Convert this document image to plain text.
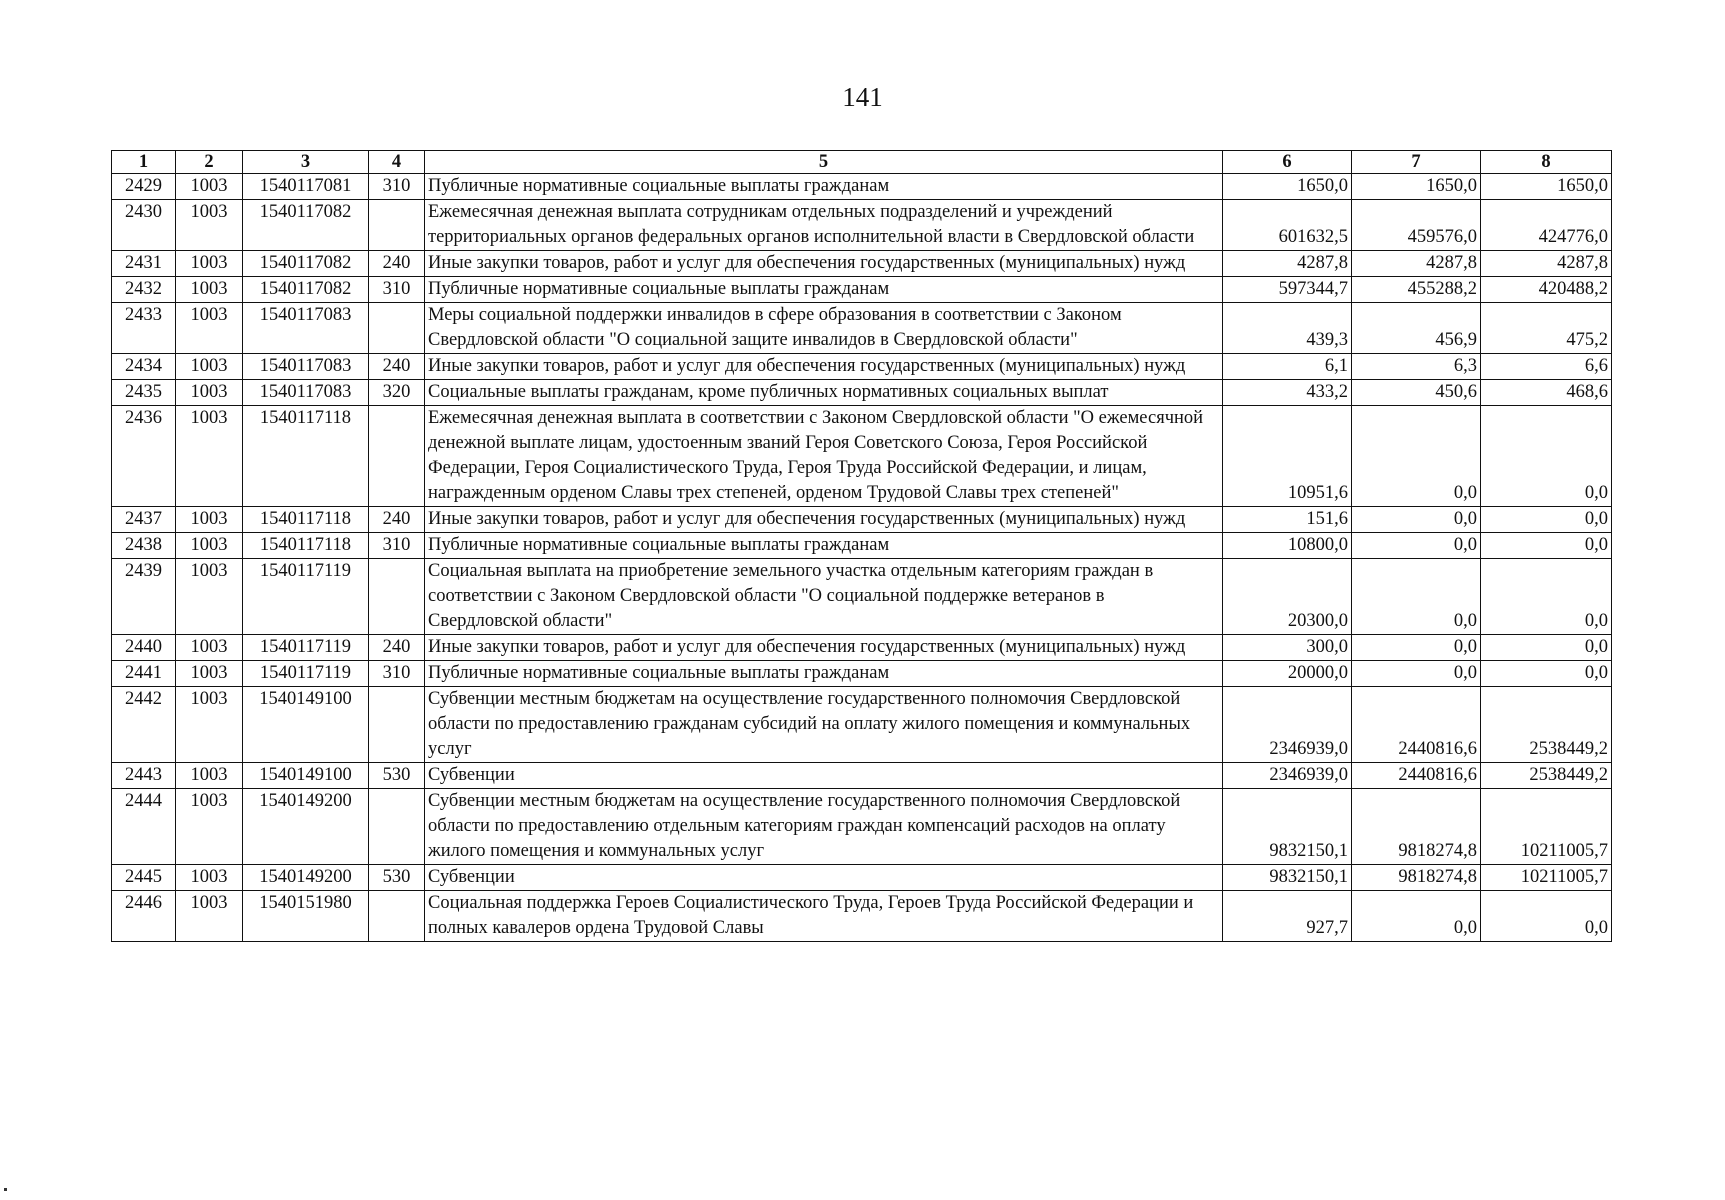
141
1	2	3	4	5	6	7	8
2429	1003	1540117081	310	Публичные нормативные социальные выплаты гражданам	1650,0	1650,0	1650,0
2430	1003	1540117082		Ежемесячная денежная выплата сотрудникам отдельных подразделений и учреждений территориальных органов федеральных органов исполнительной власти в Свердловской области	601632,5	459576,0	424776,0
2431	1003	1540117082	240	Иные закупки товаров, работ и услуг для обеспечения государственных (муниципальных) нужд	4287,8	4287,8	4287,8
2432	1003	1540117082	310	Публичные нормативные социальные выплаты гражданам	597344,7	455288,2	420488,2
2433	1003	1540117083		Меры социальной поддержки инвалидов в сфере образования в соответствии с Законом Свердловской области "О социальной защите инвалидов в Свердловской области"	439,3	456,9	475,2
2434	1003	1540117083	240	Иные закупки товаров, работ и услуг для обеспечения государственных (муниципальных) нужд	6,1	6,3	6,6
2435	1003	1540117083	320	Социальные выплаты гражданам, кроме публичных нормативных социальных выплат	433,2	450,6	468,6
2436	1003	1540117118		Ежемесячная денежная выплата в соответствии с Законом Свердловской области "О ежемесячной денежной выплате лицам, удостоенным званий Героя Советского Союза, Героя Российской Федерации, Героя Социалистического Труда, Героя Труда Российской Федерации, и лицам, награжденным орденом Славы трех степеней, орденом Трудовой Славы трех степеней"	10951,6	0,0	0,0
2437	1003	1540117118	240	Иные закупки товаров, работ и услуг для обеспечения государственных (муниципальных) нужд	151,6	0,0	0,0
2438	1003	1540117118	310	Публичные нормативные социальные выплаты гражданам	10800,0	0,0	0,0
2439	1003	1540117119		Социальная выплата на приобретение земельного участка отдельным категориям граждан в соответствии с Законом Свердловской области "О социальной поддержке ветеранов в Свердловской области"	20300,0	0,0	0,0
2440	1003	1540117119	240	Иные закупки товаров, работ и услуг для обеспечения государственных (муниципальных) нужд	300,0	0,0	0,0
2441	1003	1540117119	310	Публичные нормативные социальные выплаты гражданам	20000,0	0,0	0,0
2442	1003	1540149100		Субвенции местным бюджетам на осуществление государственного полномочия Свердловской области по предоставлению гражданам субсидий на оплату жилого помещения и коммунальных услуг	2346939,0	2440816,6	2538449,2
2443	1003	1540149100	530	Субвенции	2346939,0	2440816,6	2538449,2
2444	1003	1540149200		Субвенции местным бюджетам на осуществление государственного полномочия Свердловской области по предоставлению отдельным категориям граждан компенсаций расходов на оплату жилого помещения и коммунальных услуг	9832150,1	9818274,8	10211005,7
2445	1003	1540149200	530	Субвенции	9832150,1	9818274,8	10211005,7
2446	1003	1540151980		Социальная поддержка Героев Социалистического Труда, Героев Труда Российской Федерации и полных кавалеров ордена Трудовой Славы	927,7	0,0	0,0
